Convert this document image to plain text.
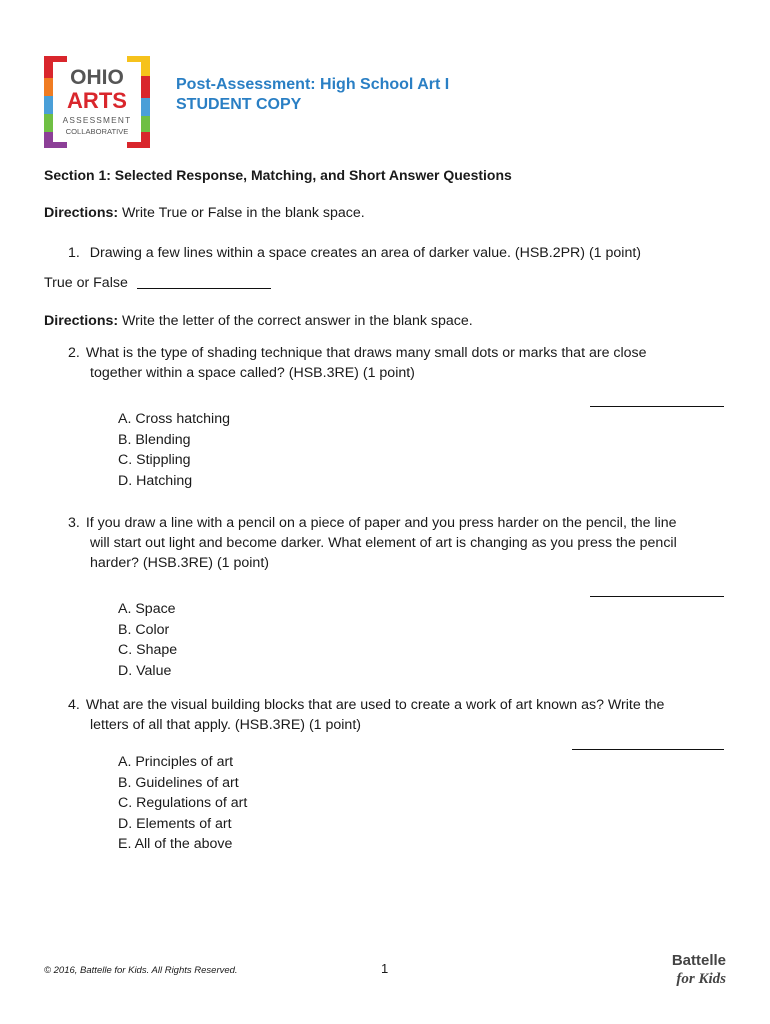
OHIO
ARTS
ASSESSMENT
COLLABORATIVE
Post-Assessment: High School Art I
STUDENT COPY
Section 1: Selected Response, Matching, and Short Answer Questions
Directions: Write True or False in the blank space.
1. Drawing a few lines within a space creates an area of darker value. (HSB.2PR) (1 point)
True or False
Directions: Write the letter of the correct answer in the blank space.
2. What is the type of shading technique that draws many small dots or marks that are close
together within a space called? (HSB.3RE) (1 point)
A. Cross hatching
B. Blending
C. Stippling
D. Hatching
3. If you draw a line with a pencil on a piece of paper and you press harder on the pencil, the line
will start out light and become darker. What element of art is changing as you press the pencil
harder? (HSB.3RE) (1 point)
A. Space
B. Color
C. Shape
D. Value
4. What are the visual building blocks that are used to create a work of art known as? Write the
letters of all that apply. (HSB.3RE) (1 point)
A. Principles of art
B. Guidelines of art
C. Regulations of art
D. Elements of art
E. All of the above
© 2016, Battelle for Kids. All Rights Reserved.	1	Battelle
for Kids
